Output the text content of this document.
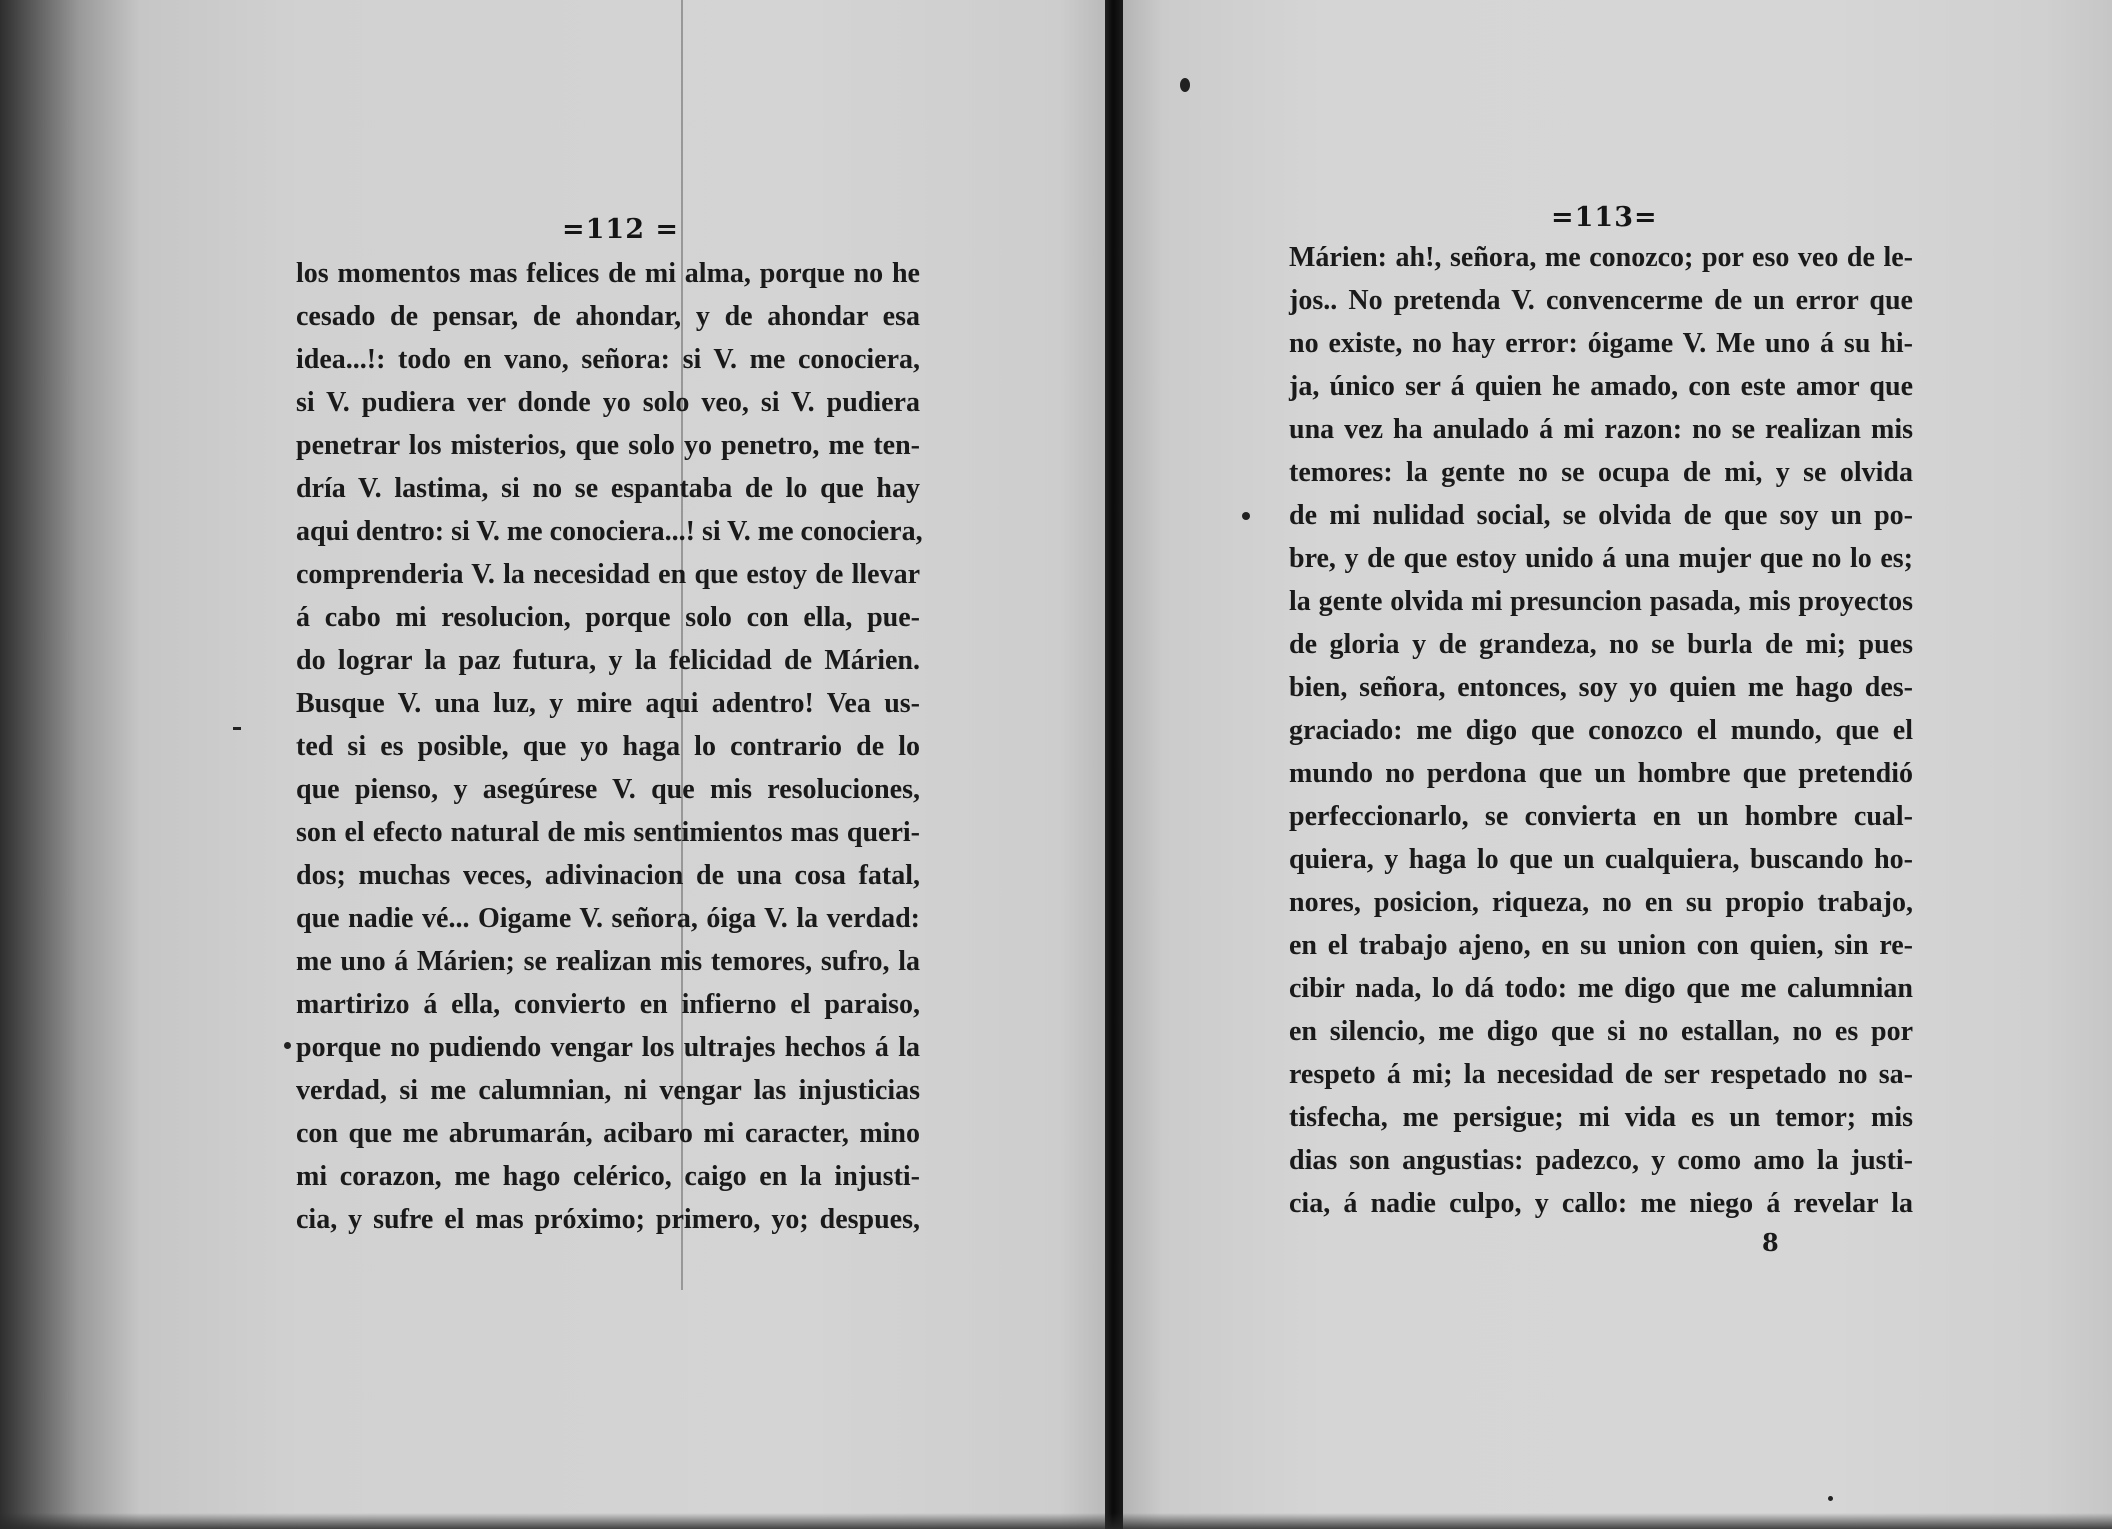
=112 =	=113=
los momentos mas felices de mi alma, porque no he
cesado de pensar, de ahondar, y de ahondar esa
idea...!: todo en vano, señora: si V. me conociera,
si V. pudiera ver donde yo solo veo, si V. pudiera
penetrar los misterios, que solo yo penetro, me ten-
dría V. lastima, si no se espantaba de lo que hay
aqui dentro: si V. me conociera...! si V. me conociera,
comprenderia V. la necesidad en que estoy de llevar
á cabo mi resolucion, porque solo con ella, pue-
do lograr la paz futura, y la felicidad de Márien.
Busque V. una luz, y mire aqui adentro! Vea us-
ted si es posible, que yo haga lo contrario de lo
que pienso, y asegúrese V. que mis resoluciones,
son el efecto natural de mis sentimientos mas queri-
dos; muchas veces, adivinacion de una cosa fatal,
que nadie vé... Oigame V. señora, óiga V. la verdad:
me uno á Márien; se realizan mis temores, sufro, la
martirizo á ella, convierto en infierno el paraiso,
porque no pudiendo vengar los ultrajes hechos á la
verdad, si me calumnian, ni vengar las injusticias
con que me abrumarán, acibaro mi caracter, mino
mi corazon, me hago celérico, caigo en la injusti-
cia, y sufre el mas próximo; primero, yo; despues,
Márien: ah!, señora, me conozco; por eso veo de le-
jos.. No pretenda V. convencerme de un error que
no existe, no hay error: óigame V. Me uno á su hi-
ja, único ser á quien he amado, con este amor que
una vez ha anulado á mi razon: no se realizan mis
temores: la gente no se ocupa de mi, y se olvida
de mi nulidad social, se olvida de que soy un po-
bre, y de que estoy unido á una mujer que no lo es;
la gente olvida mi presuncion pasada, mis proyectos
de gloria y de grandeza, no se burla de mi; pues
bien, señora, entonces, soy yo quien me hago des-
graciado: me digo que conozco el mundo, que el
mundo no perdona que un hombre que pretendió
perfeccionarlo, se convierta en un hombre cual-
quiera, y haga lo que un cualquiera, buscando ho-
nores, posicion, riqueza, no en su propio trabajo,
en el trabajo ajeno, en su union con quien, sin re-
cibir nada, lo dá todo: me digo que me calumnian
en silencio, me digo que si no estallan, no es por
respeto á mi; la necesidad de ser respetado no sa-
tisfecha, me persigue; mi vida es un temor; mis
dias son angustias: padezco, y como amo la justi-
cia, á nadie culpo, y callo: me niego á revelar la
8
